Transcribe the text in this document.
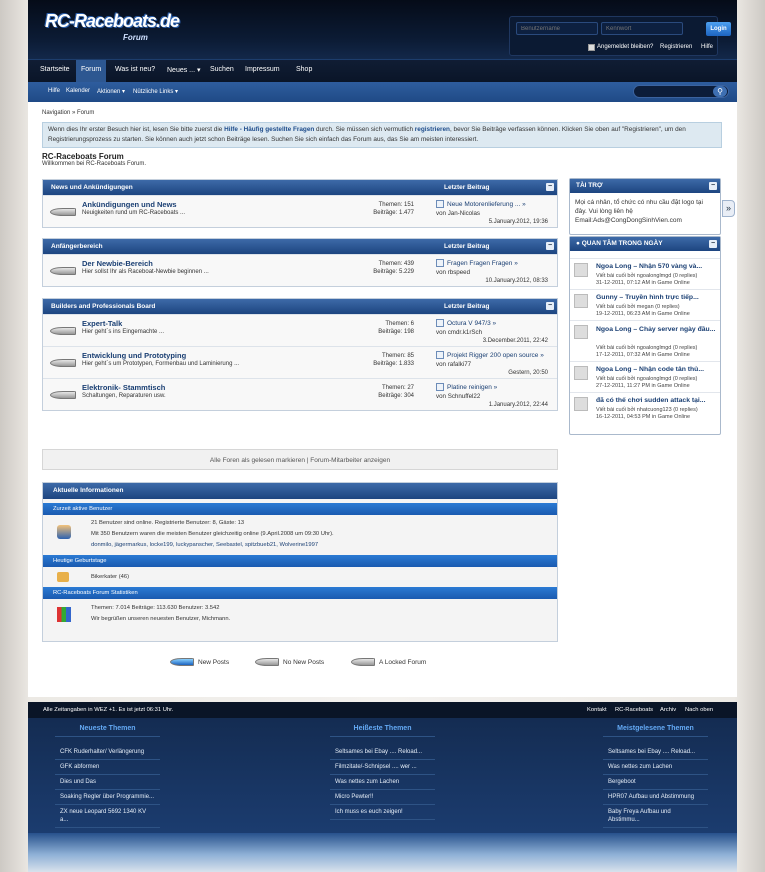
RC-Raceboats.de
Forum
Benutzername
Kennwort
Login
Angemeldet bleiben? Registrieren Hilfe
Startseite	Forum	Was ist neu? Neues ... ▾ Suchen Impressum Shop
Hilfe Kalender Aktionen ▾ Nützliche Links ▾	⚲
Navigation » Forum
Wenn dies Ihr erster Besuch hier ist, lesen Sie bitte zuerst die Hilfe - Häufig gestellte Fragen durch. Sie müssen sich vermutlich registrieren, bevor Sie Beiträge verfassen können. Klicken Sie oben auf "Registrieren", um den Registrierungsprozess zu starten. Sie können auch jetzt schon Beiträge lesen. Suchen Sie sich einfach das Forum aus, das Sie am meisten interessiert.
RC-Raceboats Forum
Willkommen bei RC-Raceboats Forum.
News und Ankündigungen	Letzter Beitrag	−
Ankündigungen und News
Neuigkeiten rund um RC-Raceboats ...
Themen: 151
Beiträge: 1.477
Neue Motorenlieferung ... »
von Jan-Nicolas
5.January.2012, 19:36
Anfängerbereich	Letzter Beitrag	−
Der Newbie-Bereich
Hier sollst Ihr als Raceboat-Newbie beginnen ...
Themen: 439
Beiträge: 5.229
Fragen Fragen Fragen »
von rbspeed
10.January.2012, 08:33
Builders and Professionals Board	Letzter Beitrag	−
Expert-Talk
Hier geht´s ins Eingemachte ...
Themen: 6
Beiträge: 198
Octura V 947/3 »
von cmdr.k1rSch
3.December.2011, 22:42
Entwicklung und Prototyping
Hier geht´s um Prototypen, Formenbau und Laminierung ...
Themen: 85
Beiträge: 1.833
Projekt Rigger 200 open source »
von rafalki77
Gestern, 20:50
Elektronik- Stammtisch
Schaltungen, Reparaturen usw.
Themen: 27
Beiträge: 304
Platine reinigen »
von Schnuffel22
1.January.2012, 22:44
Alle Foren als gelesen markieren | Forum-Mitarbeiter anzeigen
Aktuelle Informationen
Zurzeit aktive Benutzer
21 Benutzer sind online. Registrierte Benutzer: 8, Gäste: 13
Mit 350 Benutzern waren die meisten Benutzer gleichzeitig online (9.April.2008 um 09:30 Uhr).
donmilo, jägermarkus, locke199, luckypanscher, Seebastel, spitzbueb21, Wolverine1997
Heutige Geburtstage
Bikerkater (46)
RC-Raceboats Forum Statistiken
Themen: 7.014 Beiträge: 113.630 Benutzer: 3.542
Wir begrüßen unseren neuesten Benutzer, Michmann.
New Posts	No New Posts	A Locked Forum
TÀI TRỢ	−
Mọi cá nhân, tổ chức có nhu cầu đặt logo tại đây. Vui lòng liên hệ Email:Ads@CongDongSinhVien.com
»
● QUAN TÂM TRONG NGÀY	−
Ngoa Long – Nhận 570 vàng và...
Viết bài cuối bởi ngoalonglmgd (0 replies)
31-12-2011, 07:12 AM in Game Online
Gunny – Truyền hình trực tiếp...
Viết bài cuối bởi megan (0 replies)
19-12-2011, 06:23 AM in Game Online
Ngoa Long – Chảy server ngày đầu...
Viết bài cuối bởi ngoalonglmgd (0 replies)
17-12-2011, 07:32 AM in Game Online
Ngoa Long – Nhận code tân thủ...
Viết bài cuối bởi ngoalonglmgd (0 replies)
27-12-2011, 11:27 PM in Game Online
đã có thể chơi sudden attack tại...
Viết bài cuối bởi nhatcuong123 (0 replies)
16-12-2011, 04:53 PM in Game Online
Alle Zeitangaben in WEZ +1. Es ist jetzt 06:31 Uhr.	Kontakt RC-Raceboats Archiv Nach oben
Neueste Themen
CFK Ruderhalter/ Verlängerung
GFK abformen
Dies und Das
Soaking Regler über Programmie...
ZX neue Leopard 5692 1340 KV a...
Heißeste Themen
Seltsames bei Ebay .... Reload...
Filmzitate/-Schnipsel .... wer ...
Was nettes zum Lachen
Micro Pewter!!
Ich muss es euch zeigen!
Meistgelesene Themen
Seltsames bei Ebay .... Reload...
Was nettes zum Lachen
Bergeboot
HPR07 Aufbau und Abstimmung
Baby Freya Aufbau und Abstimmu...
